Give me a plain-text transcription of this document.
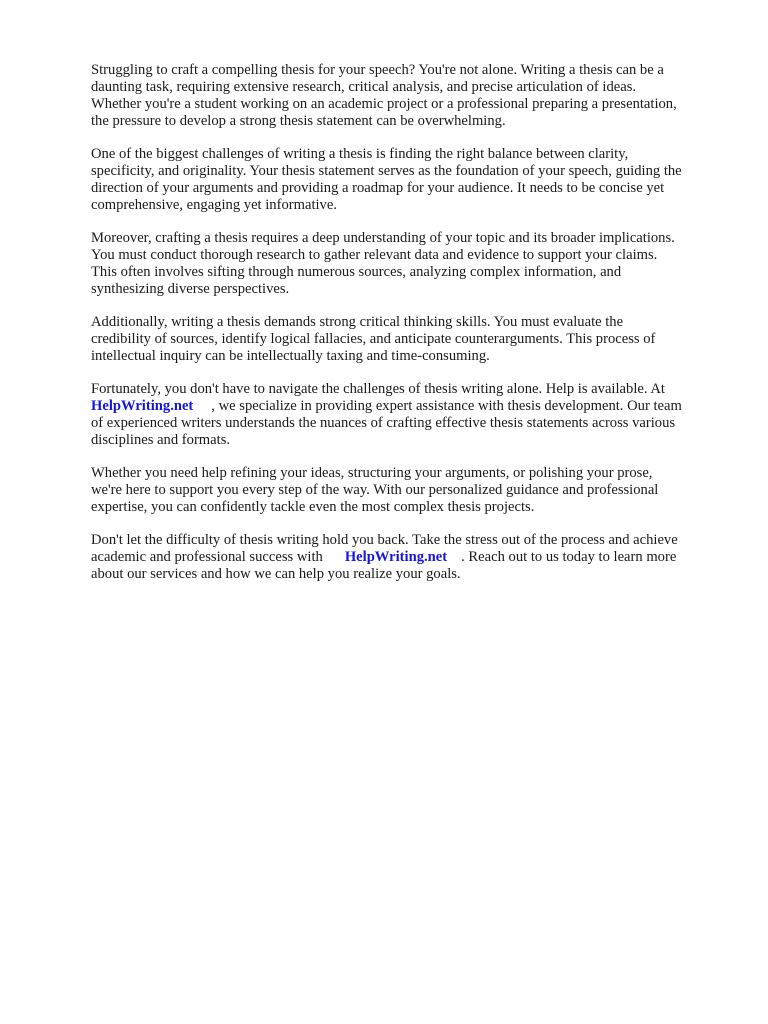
Struggling to craft a compelling thesis for your speech? You're not alone. Writing a thesis can be a
daunting task, requiring extensive research, critical analysis, and precise articulation of ideas.
Whether you're a student working on an academic project or a professional preparing a presentation,
the pressure to develop a strong thesis statement can be overwhelming.

One of the biggest challenges of writing a thesis is finding the right balance between clarity,
specificity, and originality. Your thesis statement serves as the foundation of your speech, guiding the
direction of your arguments and providing a roadmap for your audience. It needs to be concise yet
comprehensive, engaging yet informative.

Moreover, crafting a thesis requires a deep understanding of your topic and its broader implications.
You must conduct thorough research to gather relevant data and evidence to support your claims.
This often involves sifting through numerous sources, analyzing complex information, and
synthesizing diverse perspectives.

Additionally, writing a thesis demands strong critical thinking skills. You must evaluate the
credibility of sources, identify logical fallacies, and anticipate counterarguments. This process of
intellectual inquiry can be intellectually taxing and time-consuming.

Fortunately, you don't have to navigate the challenges of thesis writing alone. Help is available. At
HelpWriting.net , we specialize in providing expert assistance with thesis development. Our team
of experienced writers understands the nuances of crafting effective thesis statements across various
disciplines and formats.

Whether you need help refining your ideas, structuring your arguments, or polishing your prose,
we're here to support you every step of the way. With our personalized guidance and professional
expertise, you can confidently tackle even the most complex thesis projects.

Don't let the difficulty of thesis writing hold you back. Take the stress out of the process and achieve
academic and professional success with HelpWriting.net . Reach out to us today to learn more
about our services and how we can help you realize your goals.
